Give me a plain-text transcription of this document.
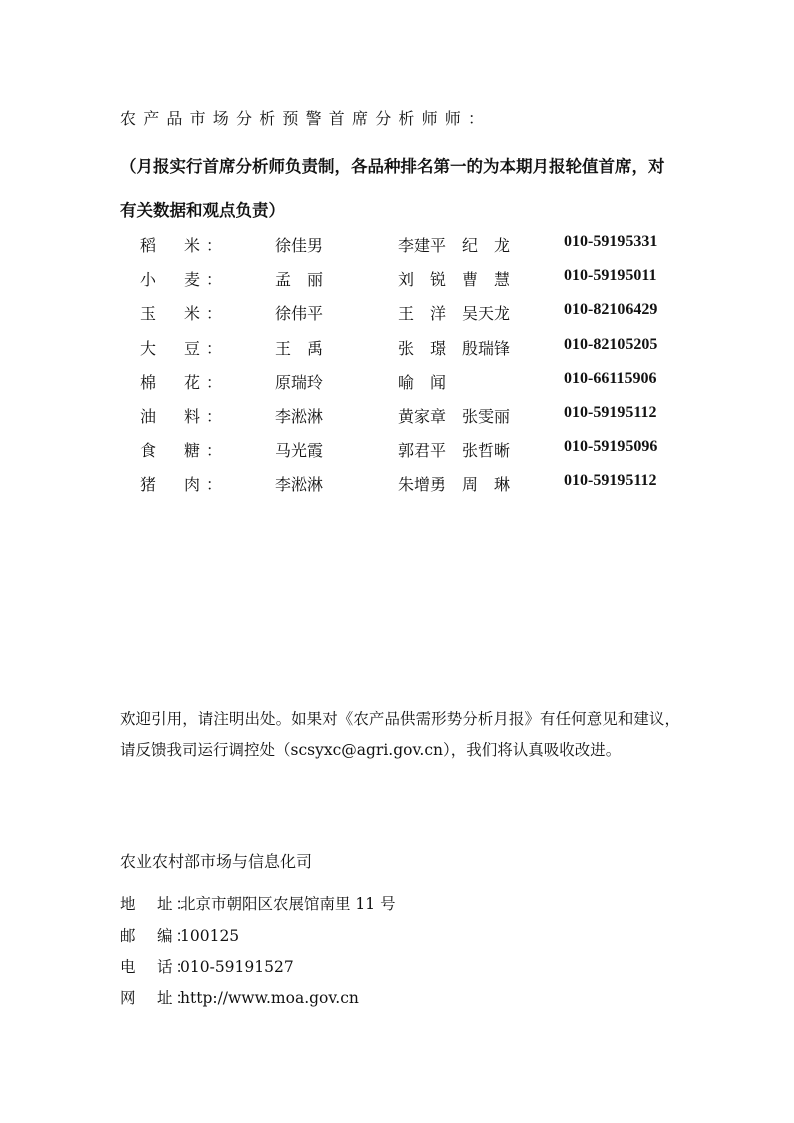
农产品市场分析预警首席分析师师：
（月报实行首席分析师负责制，各品种排名第一的为本期月报轮值首席，对有关数据和观点负责）
稻　米：	徐佳男	李建平　纪　龙	010-59195331
小　麦：	孟　丽	刘　锐　曹　慧	010-59195011
玉　米：	徐伟平	王　洋　吴天龙	010-82106429
大　豆：	王　禹	张　璟　殷瑞锋	010-82105205
棉　花：	原瑞玲	喻　闻	010-66115906
油　料：	李淞淋	黄家章　张雯丽	010-59195112
食　糖：	马光霞	郭君平　张哲晰	010-59195096
猪　肉：	李淞淋	朱增勇　周　琳	010-59195112
欢迎引用，请注明出处。如果对《农产品供需形势分析月报》有任何意见和建议，请反馈我司运行调控处（scsyxc@agri.gov.cn），我们将认真吸收改进。
农业农村部市场与信息化司
地　址：北京市朝阳区农展馆南里 11 号
邮　编：100125
电　话：010-59191527
网　址：http://www.moa.gov.cn
